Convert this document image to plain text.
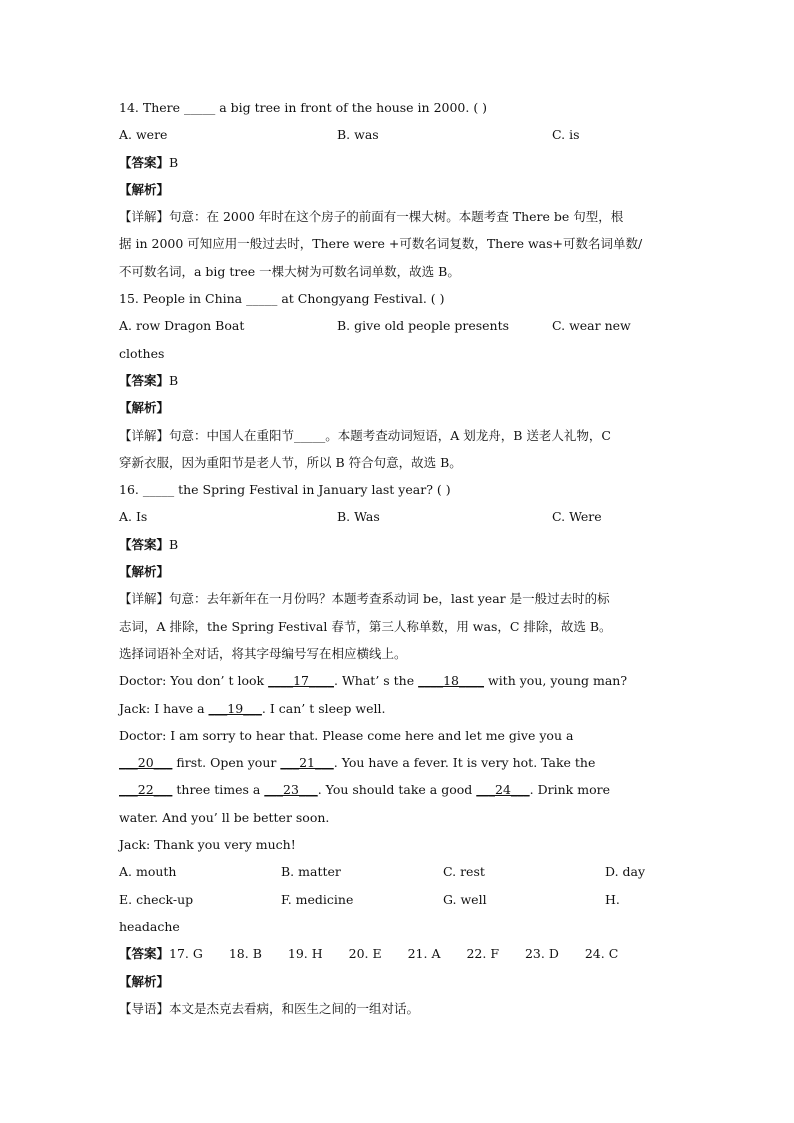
14. There _____ a big tree in front of the house in 2000. ( )
A. were	B. was	C. is
【答案】B
【解析】
【详解】句意：在 2000 年时在这个房子的前面有一棵大树。本题考查 There be 句型，根
据 in 2000 可知应用一般过去时，There were +可数名词复数，There was+可数名词单数/
不可数名词，a big tree 一棵大树为可数名词单数，故选 B。
15. People in China _____ at Chongyang Festival. ( )
A. row Dragon Boat	B. give old people presents	C. wear new
clothes
【答案】B
【解析】
【详解】句意：中国人在重阳节_____。本题考查动词短语，A 划龙舟，B 送老人礼物，C
穿新衣服，因为重阳节是老人节，所以 B 符合句意，故选 B。
16. _____ the Spring Festival in January last year? ( )
A. Is	B. Was	C. Were
【答案】B
【解析】
【详解】句意：去年新年在一月份吗？本题考查系动词 be，last year 是一般过去时的标
志词，A 排除，the Spring Festival 春节，第三人称单数，用 was，C 排除，故选 B。
选择词语补全对话，将其字母编号写在相应横线上。
Doctor: You don’ t look ____17____. What’ s the ____18____ with you, young man?
Jack: I have a ___19___. I can’ t sleep well.
Doctor: I am sorry to hear that. Please come here and let me give you a
___20___ first. Open your ___21___. You have a fever. It is very hot. Take the
___22___ three times a ___23___. You should take a good ___24___. Drink more
water. And you’ ll be better soon.
Jack: Thank you very much!
A. mouth	B. matter	C. rest	D. day
E. check-up	F. medicine	G. well	H.
headache
【答案】17. G 18. B 19. H 20. E 21. A 22. F 23. D 24. C
【解析】
【导语】本文是杰克去看病，和医生之间的一组对话。
